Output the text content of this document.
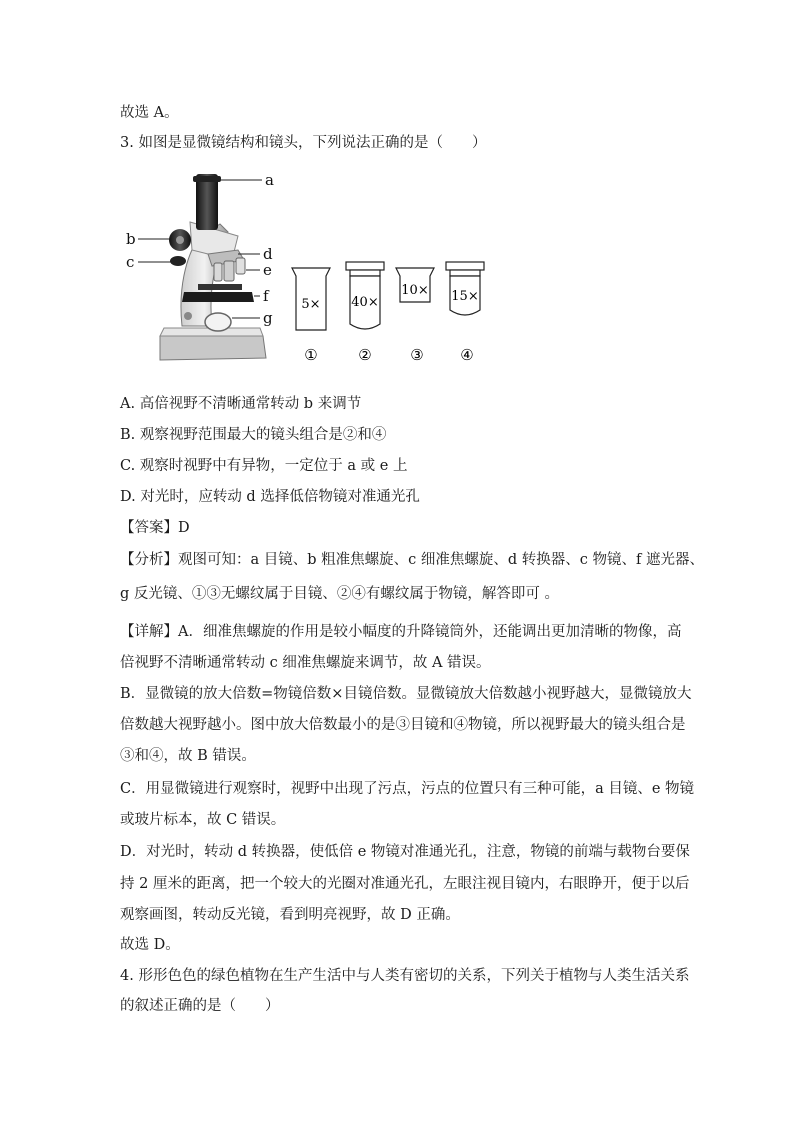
故选 A。
3. 如图是显微镜结构和镜头，下列说法正确的是（　　）
a
b
c	d
e
f
g
5×
①
40×
②
10×
③
15×
④
A. 高倍视野不清晰通常转动 b 来调节
B. 观察视野范围最大的镜头组合是②和④
C. 观察时视野中有异物，一定位于 a 或 e 上
D. 对光时，应转动 d 选择低倍物镜对准通光孔
【答案】D
【分析】观图可知：a 目镜、b 粗准焦螺旋、c 细准焦螺旋、d 转换器、c 物镜、f 遮光器、
g 反光镜、①③无螺纹属于目镜、②④有螺纹属于物镜，解答即可 。
【详解】A．细准焦螺旋的作用是较小幅度的升降镜筒外，还能调出更加清晰的物像，高
倍视野不清晰通常转动 c 细准焦螺旋来调节，故 A 错误。
B．显微镜的放大倍数=物镜倍数×目镜倍数。显微镜放大倍数越小视野越大，显微镜放大
倍数越大视野越小。图中放大倍数最小的是③目镜和④物镜，所以视野最大的镜头组合是
③和④，故 B 错误。
C．用显微镜进行观察时，视野中出现了污点，污点的位置只有三种可能，a 目镜、e 物镜
或玻片标本，故 C 错误。
D．对光时，转动 d 转换器，使低倍 e 物镜对准通光孔，注意，物镜的前端与载物台要保
持 2 厘米的距离，把一个较大的光圈对准通光孔，左眼注视目镜内，右眼睁开，便于以后
观察画图，转动反光镜，看到明亮视野，故 D 正确。
故选 D。
4. 形形色色的绿色植物在生产生活中与人类有密切的关系，下列关于植物与人类生活关系
的叙述正确的是（　　）
